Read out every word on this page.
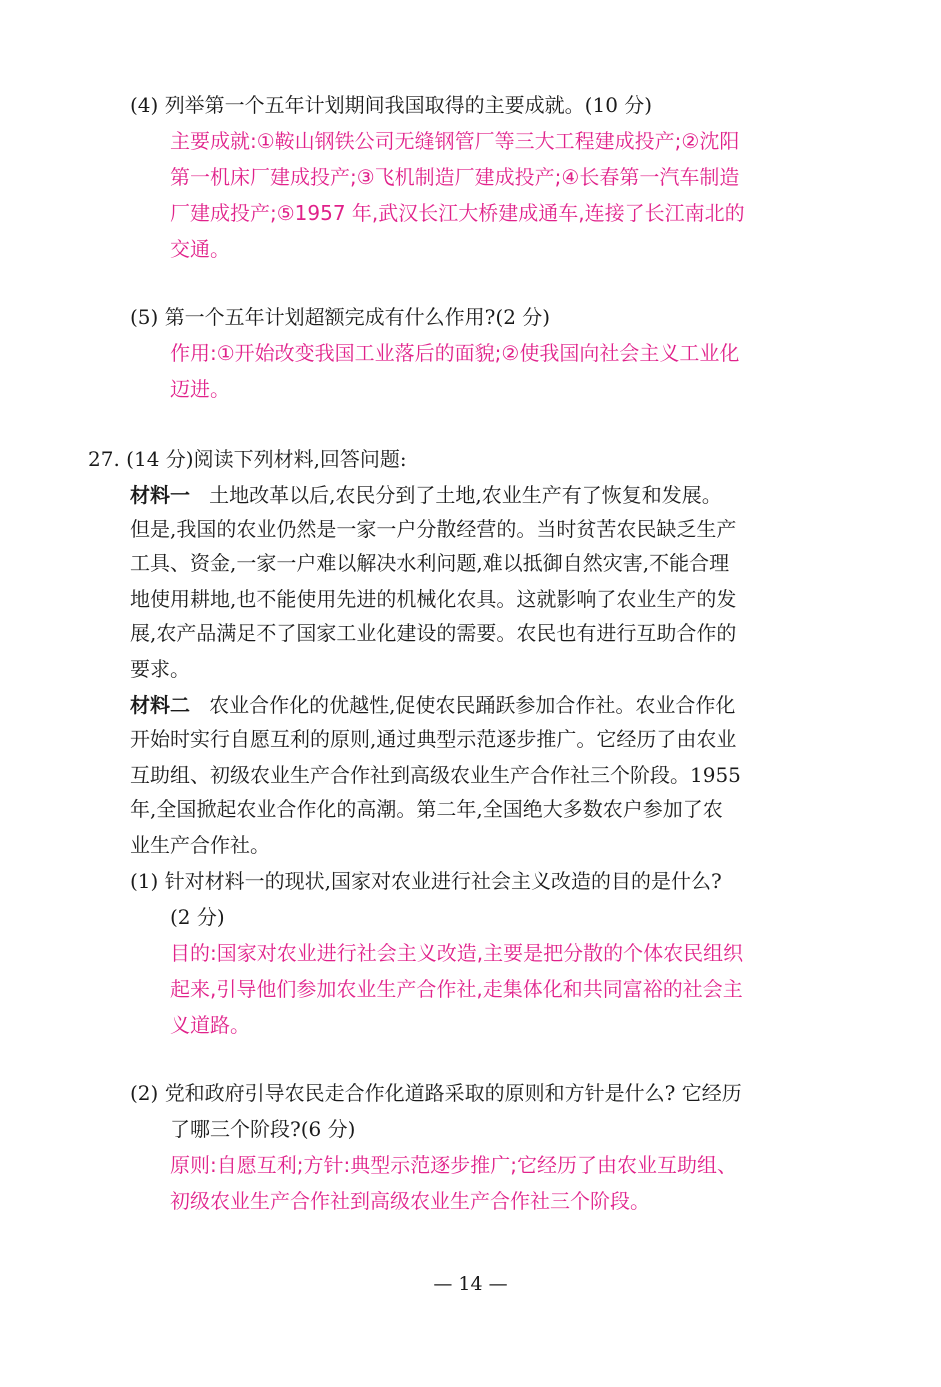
(4) 列举第一个五年计划期间我国取得的主要成就。(10 分)
主要成就:①鞍山钢铁公司无缝钢管厂等三大工程建成投产;②沈阳
第一机床厂建成投产;③飞机制造厂建成投产;④长春第一汽车制造
厂建成投产;⑤1957 年,武汉长江大桥建成通车,连接了长江南北的
交通。
(5) 第一个五年计划超额完成有什么作用?(2 分)
作用:①开始改变我国工业落后的面貌;②使我国向社会主义工业化
迈进。
27. (14 分)阅读下列材料,回答问题:
材料一 土地改革以后,农民分到了土地,农业生产有了恢复和发展。
但是,我国的农业仍然是一家一户分散经营的。当时贫苦农民缺乏生产
工具、资金,一家一户难以解决水利问题,难以抵御自然灾害,不能合理
地使用耕地,也不能使用先进的机械化农具。这就影响了农业生产的发
展,农产品满足不了国家工业化建设的需要。农民也有进行互助合作的
要求。
材料二 农业合作化的优越性,促使农民踊跃参加合作社。农业合作化
开始时实行自愿互利的原则,通过典型示范逐步推广。它经历了由农业
互助组、初级农业生产合作社到高级农业生产合作社三个阶段。1955
年,全国掀起农业合作化的高潮。第二年,全国绝大多数农户参加了农
业生产合作社。
(1) 针对材料一的现状,国家对农业进行社会主义改造的目的是什么?
(2 分)
目的:国家对农业进行社会主义改造,主要是把分散的个体农民组织
起来,引导他们参加农业生产合作社,走集体化和共同富裕的社会主
义道路。
(2) 党和政府引导农民走合作化道路采取的原则和方针是什么? 它经历
了哪三个阶段?(6 分)
原则:自愿互利;方针:典型示范逐步推广;它经历了由农业互助组、
初级农业生产合作社到高级农业生产合作社三个阶段。
— 14 —
